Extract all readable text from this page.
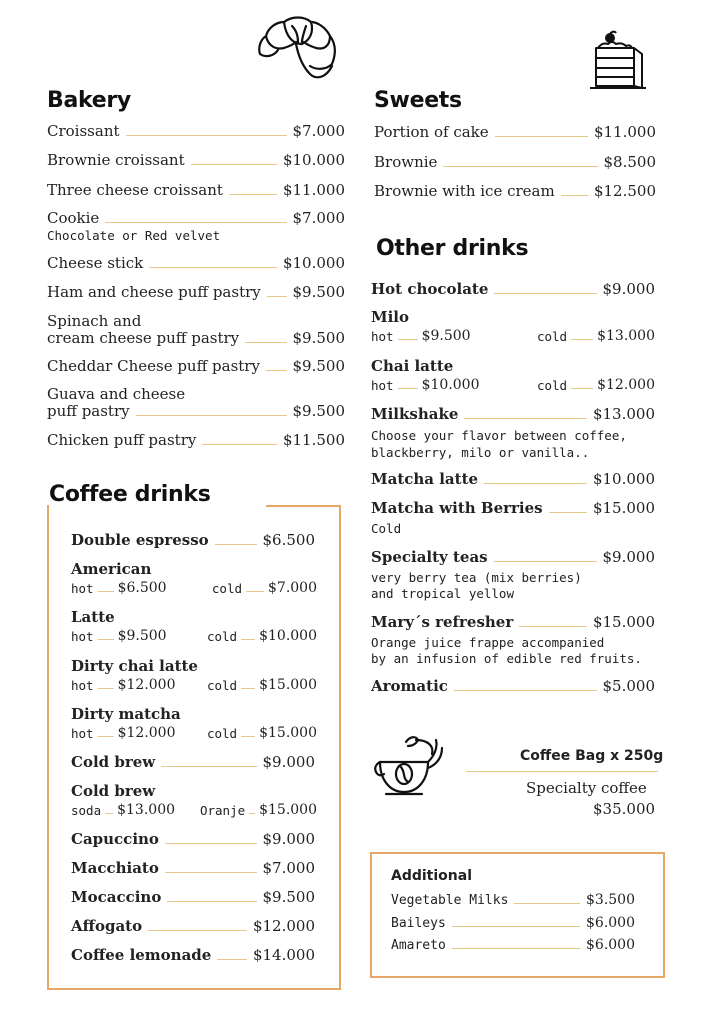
Bakery
Croissant	$7.000
Brownie croissant	$10.000
Three cheese croissant	$11.000
Cookie	$7.000
Chocolate or Red velvet
Cheese stick	$10.000
Ham and cheese puff pastry $9.500
Spinach and
cream cheese puff pastry	$9.500
Cheddar Cheese puff pastry $9.500
Guava and cheese
puff pastry	$9.500
Chicken puff pastry	$11.500
Sweets
Portion of cake	$11.000
Brownie	$8.500
Brownie with ice cream	$12.500
Other drinks
Hot chocolate	$9.000
Milo
hot $9.500	cold $13.000
Chai latte
hot $10.000	cold $12.000
Milkshake	$13.000
Choose your flavor between coffee,
blackberry, milo or vanilla..
Matcha latte	$10.000
Matcha with Berries	$15.000
Cold
Specialty teas	$9.000
very berry tea (mix berries)
and tropical yellow
Mary´s refresher	$15.000
Orange juice frappe accompanied
by an infusion of edible red fruits.
Aromatic	$5.000
Coffee Bag x 250g
Specialty coffee
$35.000
Additional
Vegetable Milks	$3.500
Baileys	$6.000
Amareto	$6.000
Coffee drinks
Double espresso	$6.500
American
hot $6.500	cold $7.000
Latte
hot $9.500	cold $10.000
Dirty chai latte
hot $12.000	cold $15.000
Dirty matcha
hot $12.000	cold $15.000
Cold brew	$9.000
Cold brew
soda $13.000 Oranje $15.000
Capuccino	$9.000
Macchiato	$7.000
Mocaccino	$9.500
Affogato	$12.000
Coffee lemonade	$14.000
